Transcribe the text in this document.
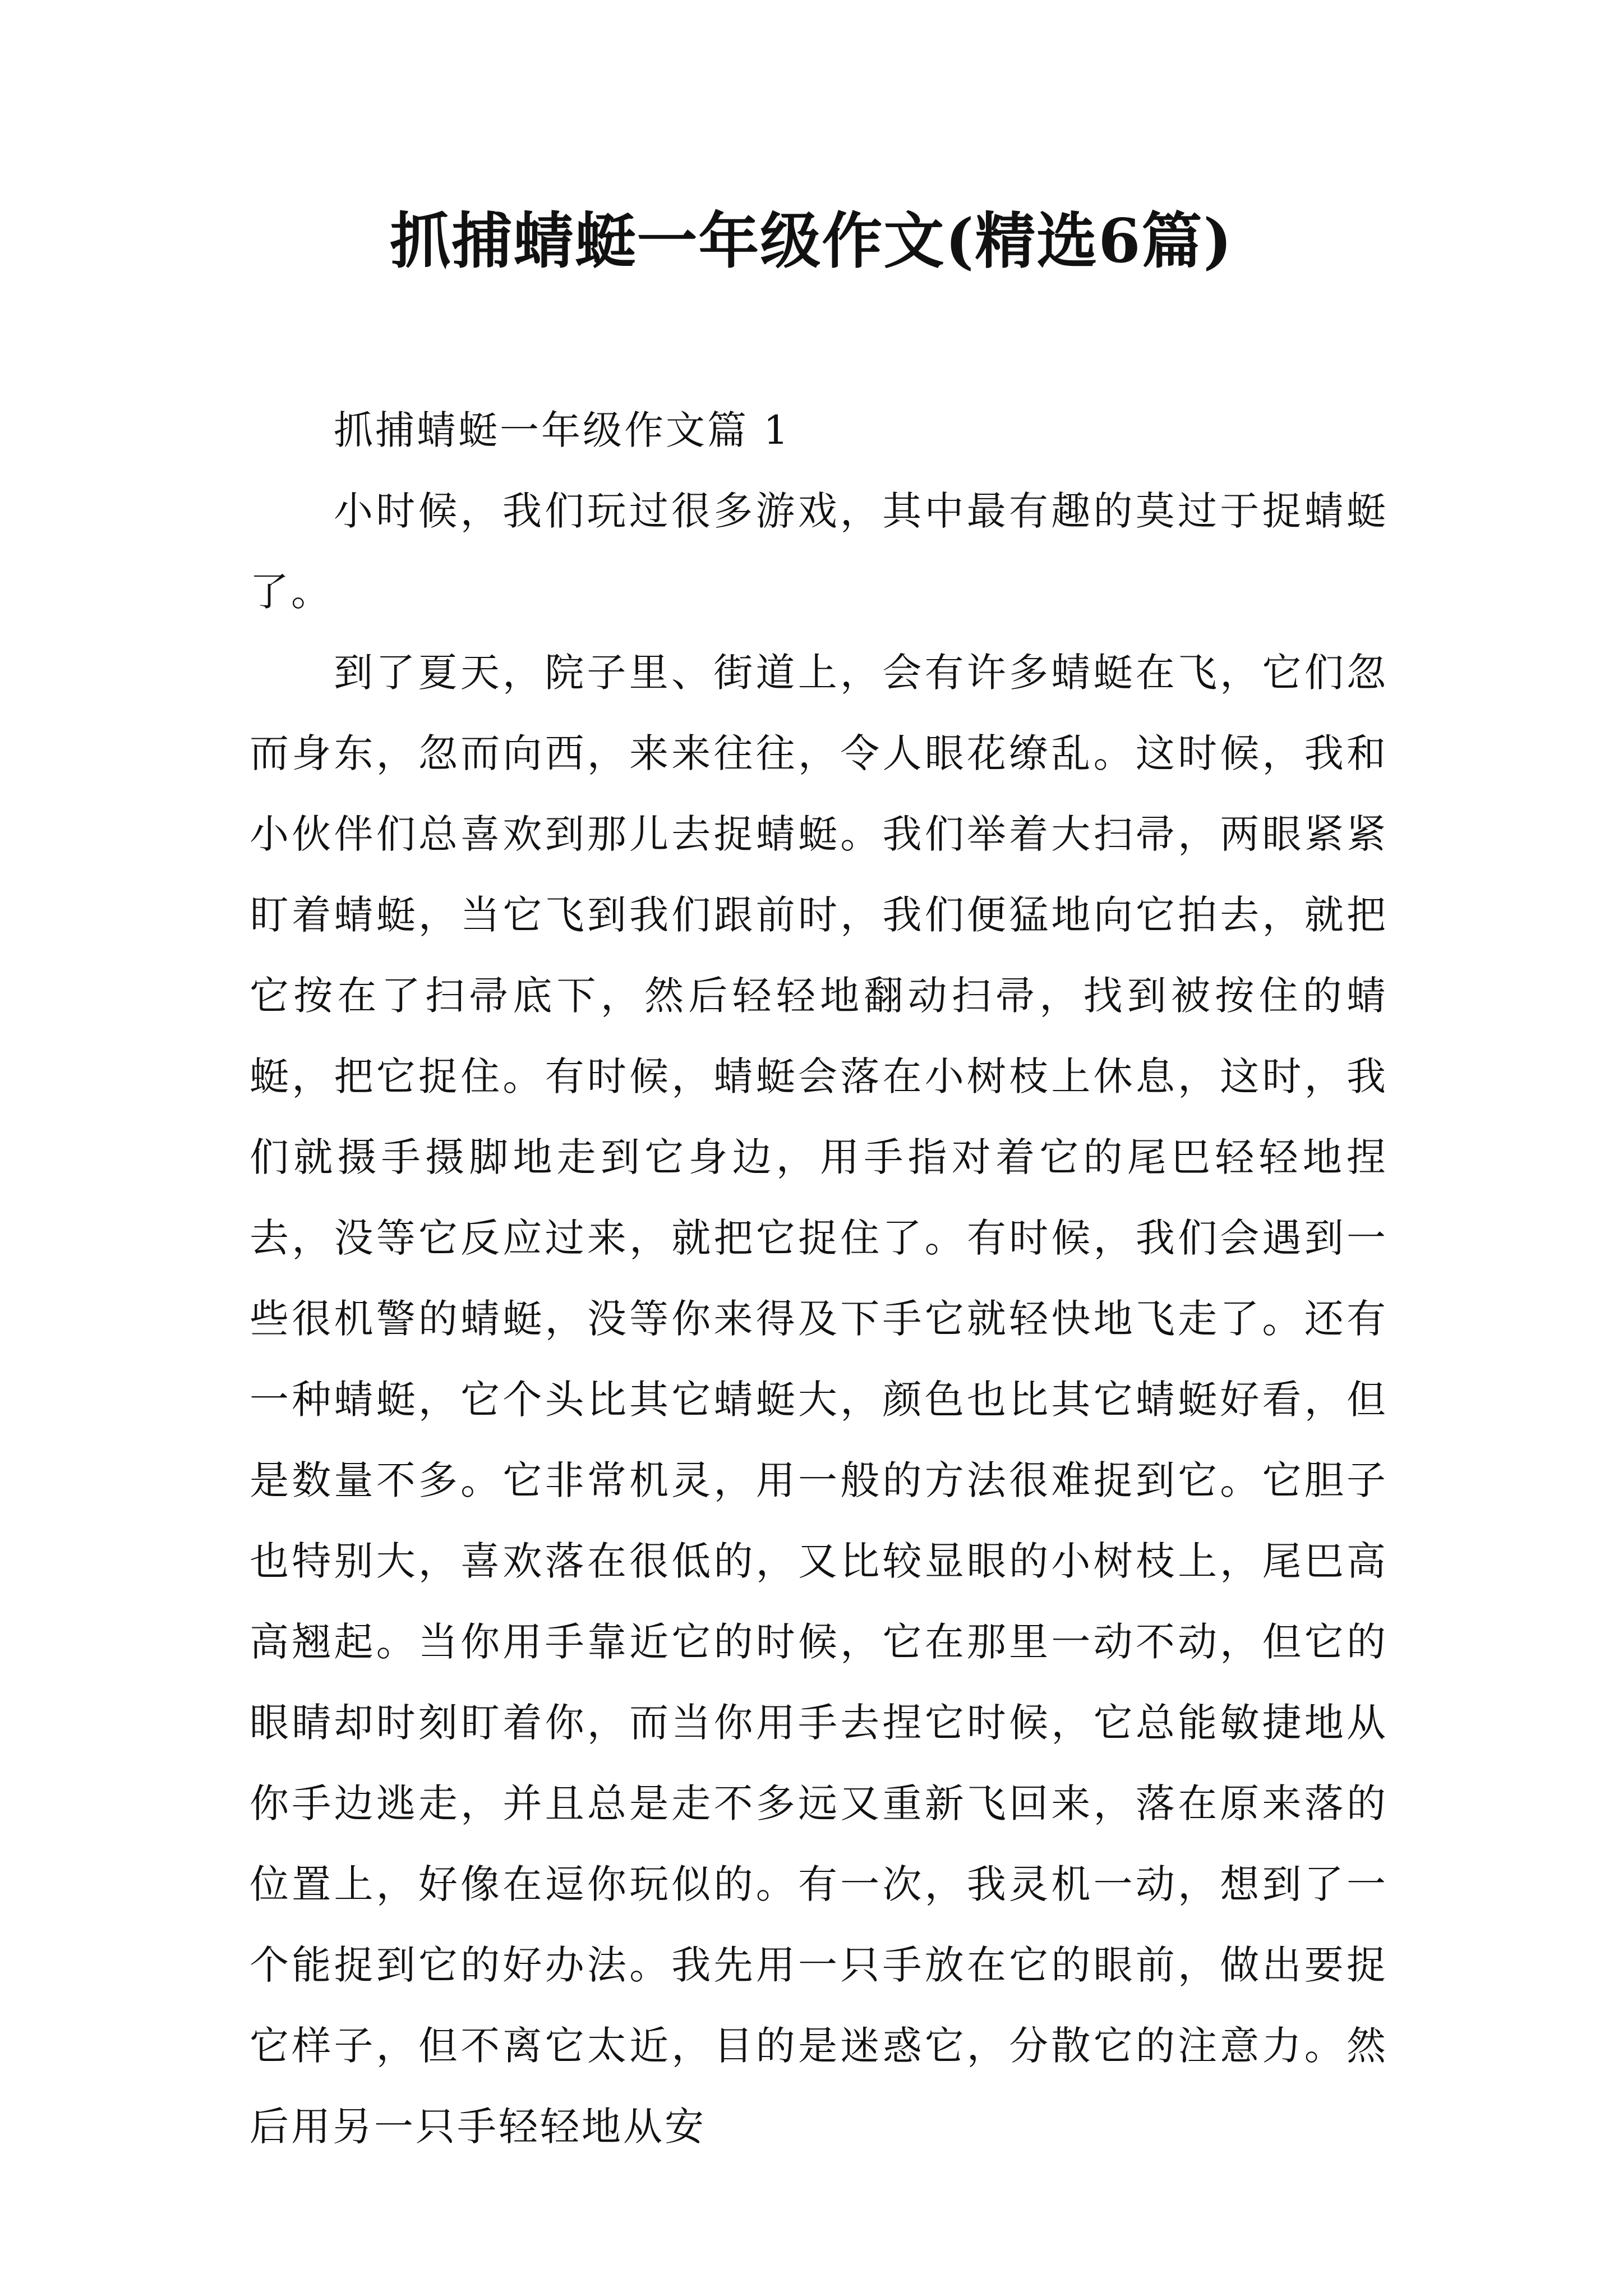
抓捕蜻蜓一年级作文(精选6篇)
抓捕蜻蜓一年级作文篇 1

小时候，我们玩过很多游戏，其中最有趣的莫过于捉蜻蜓了。

到了夏天，院子里、街道上，会有许多蜻蜓在飞，它们忽而身东，忽而向西，来来往往，令人眼花缭乱。这时候，我和小伙伴们总喜欢到那儿去捉蜻蜓。我们举着大扫帚，两眼紧紧盯着蜻蜓，当它飞到我们跟前时，我们便猛地向它拍去，就把它按在了扫帚底下，然后轻轻地翻动扫帚，找到被按住的蜻蜓，把它捉住。有时候，蜻蜓会落在小树枝上休息，这时，我们就摄手摄脚地走到它身边，用手指对着它的尾巴轻轻地捏去，没等它反应过来，就把它捉住了。有时候，我们会遇到一些很机警的蜻蜓，没等你来得及下手它就轻快地飞走了。还有一种蜻蜓，它个头比其它蜻蜓大，颜色也比其它蜻蜓好看，但是数量不多。它非常机灵，用一般的方法很难捉到它。它胆子也特别大，喜欢落在很低的，又比较显眼的小树枝上，尾巴高高翘起。当你用手靠近它的时候，它在那里一动不动，但它的眼睛却时刻盯着你，而当你用手去捏它时候，它总能敏捷地从你手边逃走，并且总是走不多远又重新飞回来，落在原来落的位置上，好像在逗你玩似的。有一次，我灵机一动，想到了一个能捉到它的好办法。我先用一只手放在它的眼前，做出要捉它样子，但不离它太近，目的是迷惑它，分散它的注意力。然后用另一只手轻轻地从安
